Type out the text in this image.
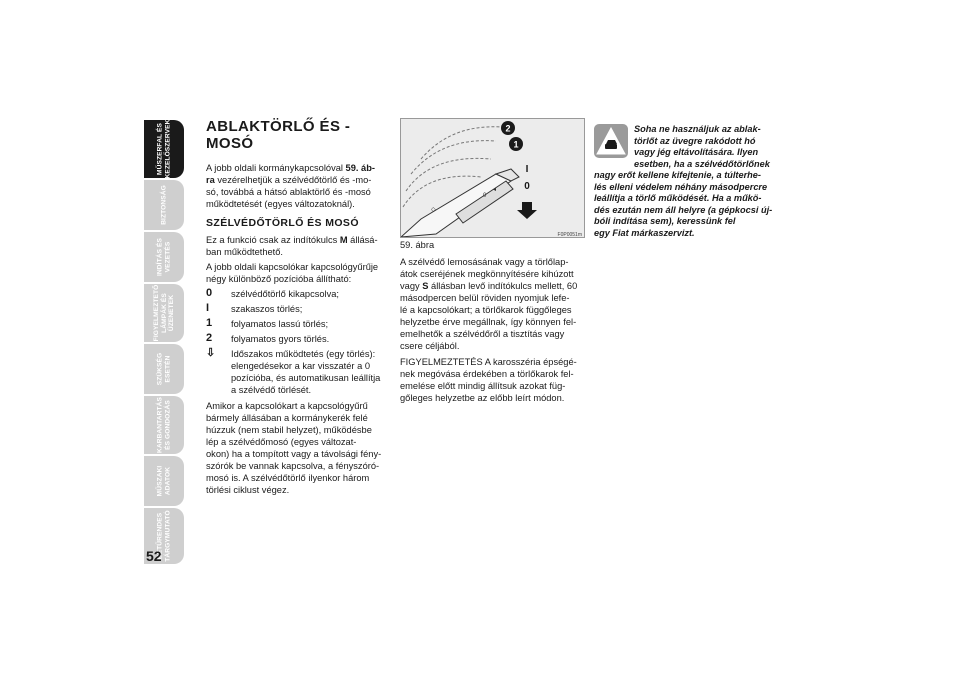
MŰSZERFAL ÉS
KEZELŐSZERVEK
BIZTONSÁG
INDÍTÁS ÉS
VEZETÉS
FIGYELMEZTETŐ
LÁMPÁK ÉS
ÜZENETEK
SZÜKSÉG
ESETÉN
KARBANTARTÁS
ÉS GONDOZÁS
MŰSZAKI
ADATOK
BETŰRENDES
TÁRGYMUTATÓ
52
ABLAKTÖRLŐ ÉS -
MOSÓ

A jobb oldali kormánykapcsolóval 59. áb-
ra vezérelhetjük a szélvédőtörlő és -mo-
só, továbbá a hátsó ablaktörlő és -mosó
működtetését (egyes változatoknál).

SZÉLVÉDŐTÖRLŐ ÉS MOSÓ

Ez a funkció csak az indítókulcs M állásá-
ban működtethető.

A jobb oldali kapcsolókar kapcsológyűrűje
négy különböző pozícióba állítható:

0 szélvédőtörlő kikapcsolva;
I szakaszos törlés;
1 folyamatos lassú törlés;
2 folyamatos gyors törlés.
⇩ Időszakos működtetés (egy törlés):
elengedésekor a kar visszatér a 0
pozícióba, és automatikusan leállítja
a szélvédő törlését.

Amikor a kapcsolókart a kapcsológyűrű
bármely állásában a kormánykerék felé
húzzuk (nem stabil helyzet), működésbe
lép a szélvédőmosó (egyes változat-
okon) ha a tompított vagy a távolsági fény-
szórók be vannak kapcsolva, a fényszóró-
mosó is. A szélvédőtörlő ilyenkor három
törlési ciklust végez.

0
◂
◇
2
1
I
0
F0P0051m
59. ábra

A szélvédő lemosásának vagy a törlőlap-
átok cseréjének megkönnyítésére kihúzott
vagy S állásban levő indítókulcs mellett, 60
másodpercen belül röviden nyomjuk lefe-
lé a kapcsolókart; a törlőkarok függőleges
helyzetbe érve megállnak, így könnyen fel-
emelhetők a szélvédőről a tisztítás vagy
csere céljából.

FIGYELMEZTETÉS A karosszéria épségé-
nek megóvása érdekében a törlőkarok fel-
emelése előtt mindig állítsuk azokat füg-
gőleges helyzetbe az előbb leírt módon.

Soha ne használjuk az ablak-
törlőt az üvegre rakódott hó
vagy jég eltávolítására. Ilyen
esetben, ha a szélvédőtörlőnek
nagy erőt kellene kifejtenie, a túlterhe-
lés elleni védelem néhány másodpercre
leállítja a törlő működését. Ha a műkö-
dés ezután nem áll helyre (a gépkocsi új-
bóli indítása sem), keressünk fel
egy Fiat márkaszervizt.
